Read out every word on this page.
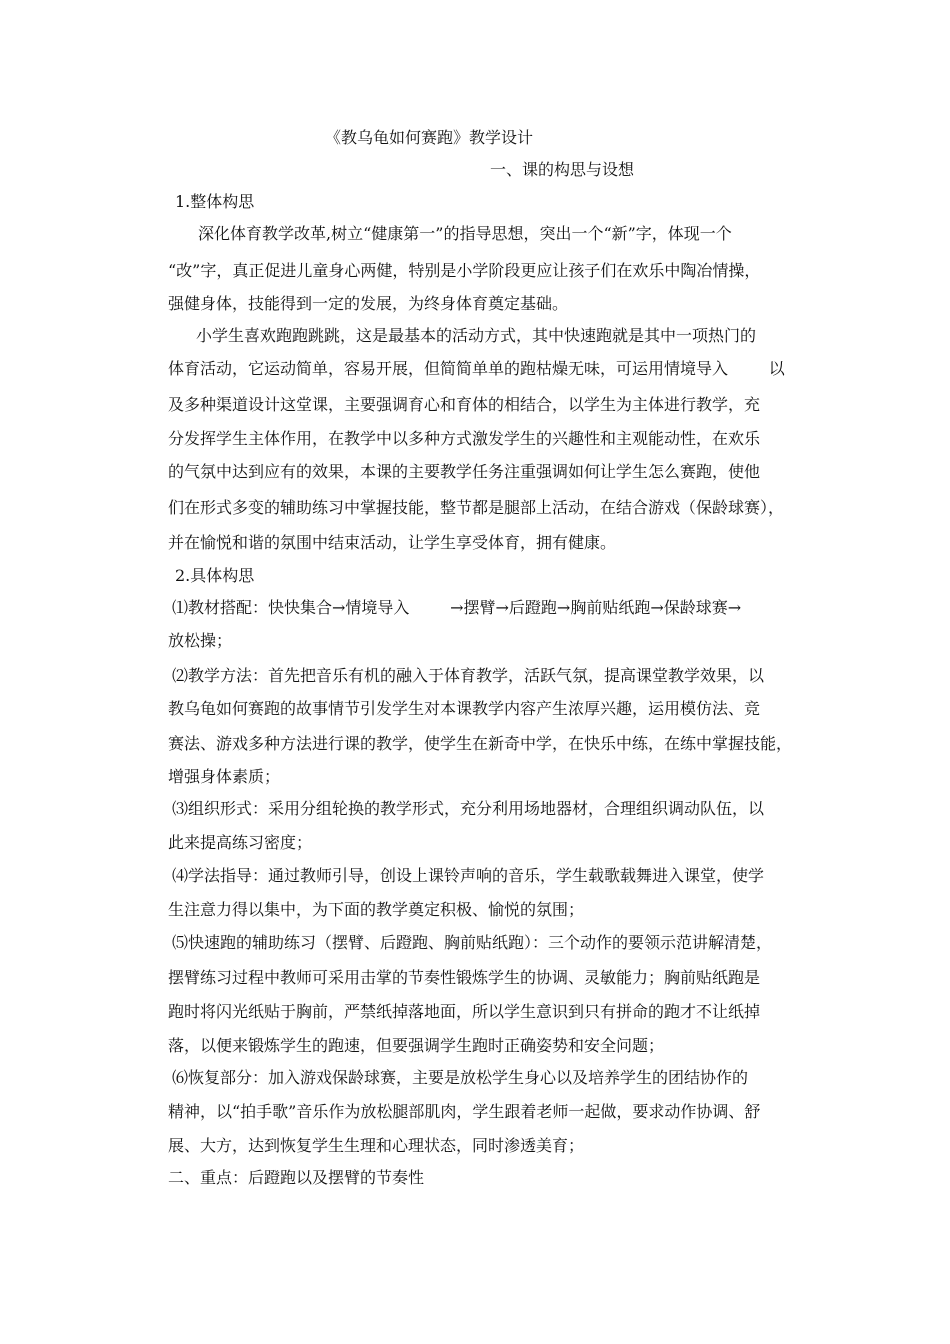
《教乌龟如何赛跑》教学设计
一、课的构思与设想
1.整体构思
深化体育教学改革,树立“健康第一”的指导思想，突出一个“新”字，体现一个
“改”字，真正促进儿童身心两健，特别是小学阶段更应让孩子们在欢乐中陶冶情操，
强健身体，技能得到一定的发展，为终身体育奠定基础。
小学生喜欢跑跑跳跳，这是最基本的活动方式，其中快速跑就是其中一项热门的
体育活动，它运动简单，容易开展，但简简单单的跑枯燥无味，可运用情境导入        以
及多种渠道设计这堂课，主要强调育心和育体的相结合，以学生为主体进行教学，充
分发挥学生主体作用，在教学中以多种方式激发学生的兴趣性和主观能动性，在欢乐
的气氛中达到应有的效果，本课的主要教学任务注重强调如何让学生怎么赛跑，使他
们在形式多变的辅助练习中掌握技能，整节都是腿部上活动，在结合游戏（保龄球赛），
并在愉悦和谐的氛围中结束活动，让学生享受体育，拥有健康。
2.具体构思
⑴教材搭配：快快集合→情境导入        →摆臂→后蹬跑→胸前贴纸跑→保龄球赛→
放松操；
⑵教学方法：首先把音乐有机的融入于体育教学，活跃气氛，提高课堂教学效果，以
教乌龟如何赛跑的故事情节引发学生对本课教学内容产生浓厚兴趣，运用模仿法、竞
赛法、游戏多种方法进行课的教学，使学生在新奇中学，在快乐中练，在练中掌握技能，
增强身体素质；
⑶组织形式：采用分组轮换的教学形式，充分利用场地器材，合理组织调动队伍，以
此来提高练习密度；
⑷学法指导：通过教师引导，创设上课铃声响的音乐，学生载歌载舞进入课堂，使学
生注意力得以集中，为下面的教学奠定积极、愉悦的氛围；
⑸快速跑的辅助练习（摆臂、后蹬跑、胸前贴纸跑）：三个动作的要领示范讲解清楚，
摆臂练习过程中教师可采用击掌的节奏性锻炼学生的协调、灵敏能力；胸前贴纸跑是
跑时将闪光纸贴于胸前，严禁纸掉落地面，所以学生意识到只有拼命的跑才不让纸掉
落，以便来锻炼学生的跑速，但要强调学生跑时正确姿势和安全问题；
⑹恢复部分：加入游戏保龄球赛，主要是放松学生身心以及培养学生的团结协作的
精神，以“拍手歌”音乐作为放松腿部肌肉，学生跟着老师一起做，要求动作协调、舒
展、大方，达到恢复学生生理和心理状态，同时渗透美育；
二、重点：后蹬跑以及摆臂的节奏性
